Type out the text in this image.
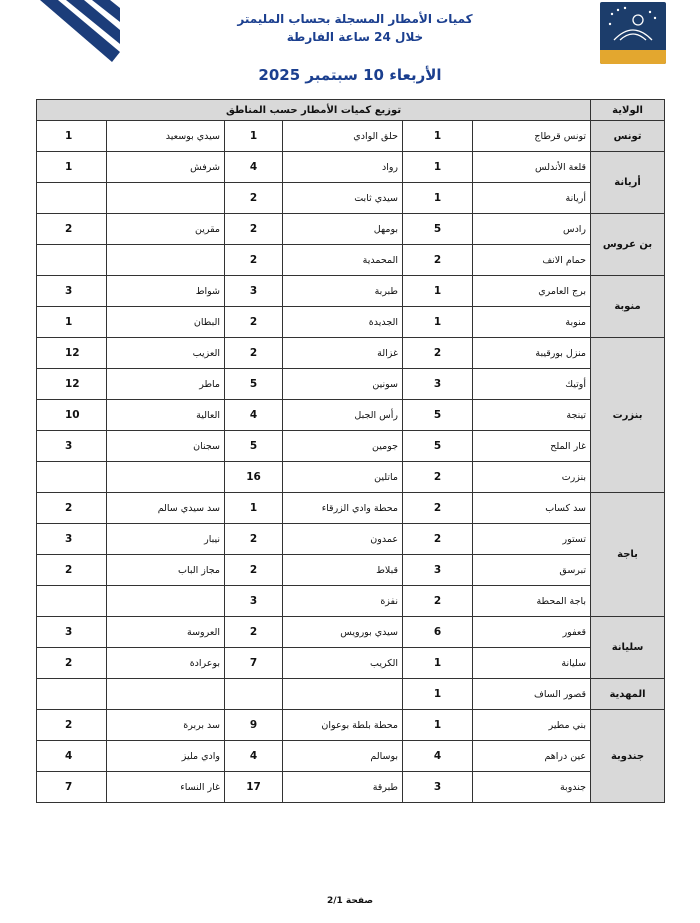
كميات الأمطار المسجلة بحساب المليمتر
خلال 24 ساعة الفارطة
الأربعاء 10 سبتمبر 2025
توزيع كميات الأمطار حسب المناطق						الولاية
1	سيدي بوسعيد	1	حلق الوادي	1	تونس قرطاج	تونس
1	شرفش	4	رواد	1	قلعة الأندلس	أريانة
		2	سيدي ثابت	1	أريانة	
2	مقرين	2	بومهل	5	رادس	بن عروس
		2	المحمدية	2	حمام الانف	
3	شواط	3	طبربة	1	برج العامري	منوبة
1	البطان	2	الجديدة	1	منوبة	
12	العزيب	2	غزالة	2	منزل بورقيبة	بنزرت
12	ماطر	5	سونين	3	أوتيك	
10	العالية	4	رأس الجبل	5	تينجة	
3	سجنان	5	جومين	5	غار الملح	
		16	ماتلين	2	بنزرت	
2	سد سيدي سالم	1	محطة وادي الزرقاء	2	سد كساب	باجة
3	نيبار	2	عمدون	2	تستور	
2	مجاز الباب	2	قبلاط	3	تبرسق	
		3	نفزة	2	باجة المحطة	
3	العروسة	2	سيدي بورويس	6	قعفور	سليانة
2	بوعرادة	7	الكريب	1	سليانة	
				1	قصور الساف	المهدية
2	سد بربرة	9	محطة بلطة بوعوان	1	بني مطير	جندوبة
4	وادي مليز	4	بوسالم	4	عين دراهم	
7	غار النساء	17	طبرقة	3	جندوبة	
صفحة 2/1
